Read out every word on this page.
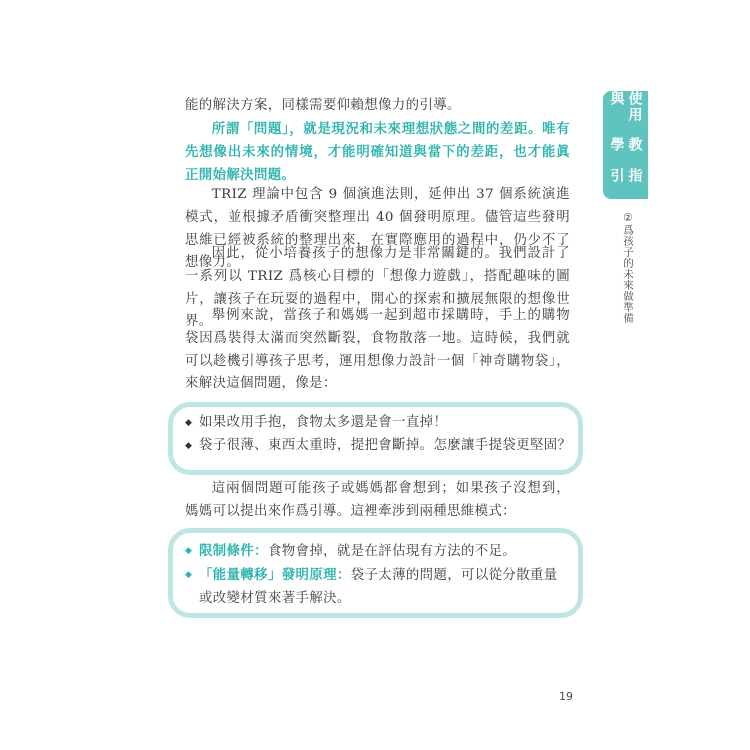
使用與
教學
指引
②爲孩子的未來做準備

能的解決方案，同樣需要仰賴想像力的引導。

所謂「問題」，就是現況和未來理想狀態之間的差距。唯有先想像出未來的情境，才能明確知道與當下的差距，也才能眞正開始解決問題。

TRIZ 理論中包含 9 個演進法則，延伸出 37 個系統演進模式，並根據矛盾衝突整理出 40 個發明原理。儘管這些發明思維已經被系統的整理出來，在實際應用的過程中，仍少不了想像力。

因此，從小培養孩子的想像力是非常關鍵的。我們設計了一系列以 TRIZ 爲核心目標的「想像力遊戲」，搭配趣味的圖片，讓孩子在玩耍的過程中，開心的探索和擴展無限的想像世界。 舉例來說，當孩子和媽媽一起到超市採購時，手上的購物袋因爲裝得太滿而突然斷裂，食物散落一地。這時候，我們就可以趁機引導孩子思考，運用想像力設計一個「神奇購物袋」，來解決這個問題，像是：

◆ 如果改用手抱，食物太多還是會一直掉！
◆ 袋子很薄、東西太重時，提把會斷掉。怎麼讓手提袋更堅固？

這兩個問題可能孩子或媽媽都會想到；如果孩子沒想到，媽媽可以提出來作爲引導。這裡牽涉到兩種思維模式：

◆ 限制條件：食物會掉，就是在評估現有方法的不足。
◆ 「能量轉移」發明原理：袋子太薄的問題，可以從分散重量或改變材質來著手解決。
19
